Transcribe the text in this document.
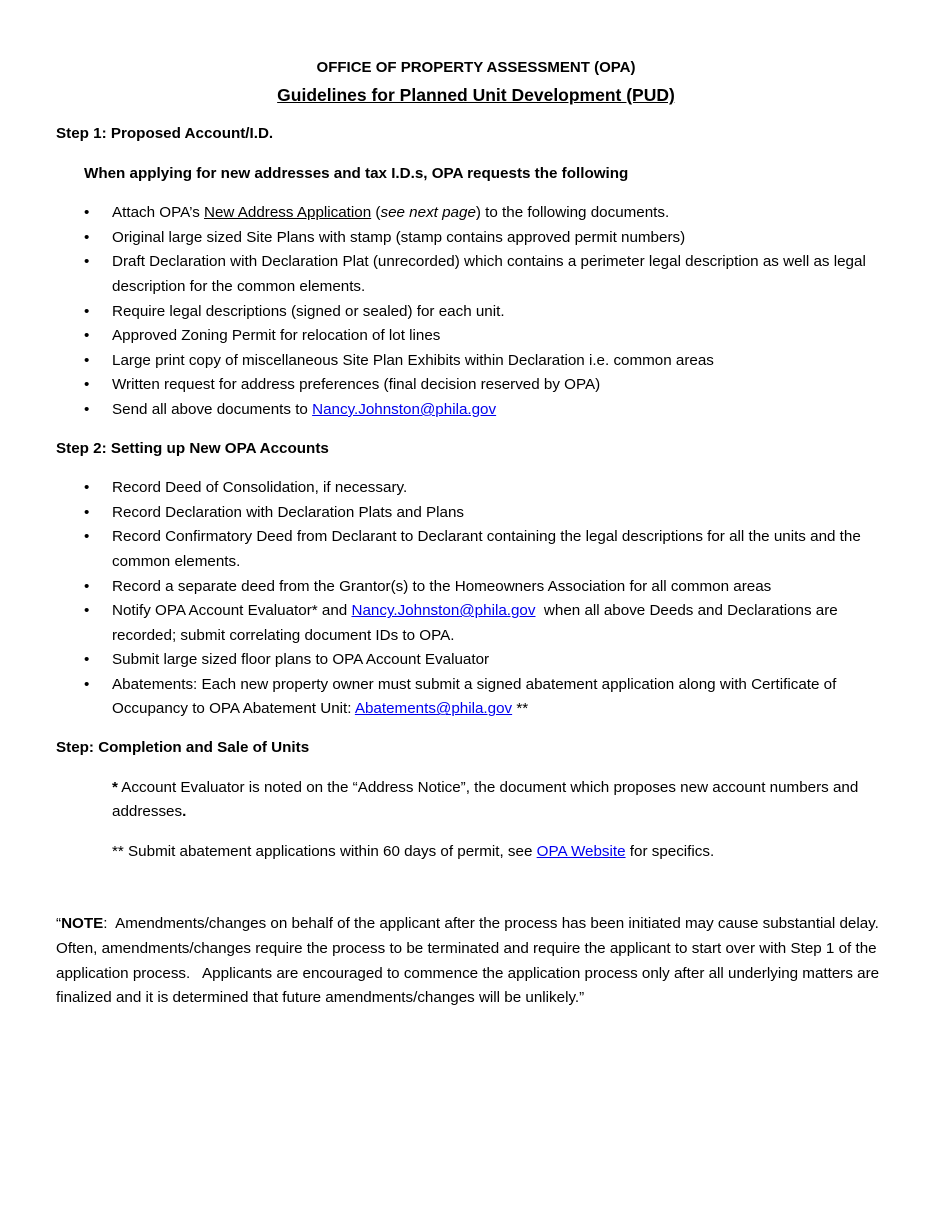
OFFICE OF PROPERTY ASSESSMENT (OPA)
Guidelines for Planned Unit Development (PUD)
Step 1: Proposed Account/I.D.
When applying for new addresses and tax I.D.s, OPA requests the following
• Attach OPA’s New Address Application (see next page) to the following documents.
• Original large sized Site Plans with stamp (stamp contains approved permit numbers)
• Draft Declaration with Declaration Plat (unrecorded) which contains a perimeter legal description as well as legal description for the common elements.
• Require legal descriptions (signed or sealed) for each unit.
• Approved Zoning Permit for relocation of lot lines
• Large print copy of miscellaneous Site Plan Exhibits within Declaration i.e. common areas
• Written request for address preferences (final decision reserved by OPA)
• Send all above documents to Nancy.Johnston@phila.gov
Step 2: Setting up New OPA Accounts
• Record Deed of Consolidation, if necessary.
• Record Declaration with Declaration Plats and Plans
• Record Confirmatory Deed from Declarant to Declarant containing the legal descriptions for all the units and the common elements.
• Record a separate deed from the Grantor(s) to the Homeowners Association for all common areas
• Notify OPA Account Evaluator* and Nancy.Johnston@phila.gov  when all above Deeds and Declarations are recorded; submit correlating document IDs to OPA.
• Submit large sized floor plans to OPA Account Evaluator
• Abatements: Each new property owner must submit a signed abatement application along with Certificate of Occupancy to OPA Abatement Unit: Abatements@phila.gov **
Step: Completion and Sale of Units

* Account Evaluator is noted on the “Address Notice”, the document which proposes new account numbers and addresses.

** Submit abatement applications within 60 days of permit, see OPA Website for specifics.

“NOTE:  Amendments/changes on behalf of the applicant after the process has been initiated may cause substantial delay.  Often, amendments/changes require the process to be terminated and require the applicant to start over with Step 1 of the application process.   Applicants are encouraged to commence the application process only after all underlying matters are finalized and it is determined that future amendments/changes will be unlikely.”
